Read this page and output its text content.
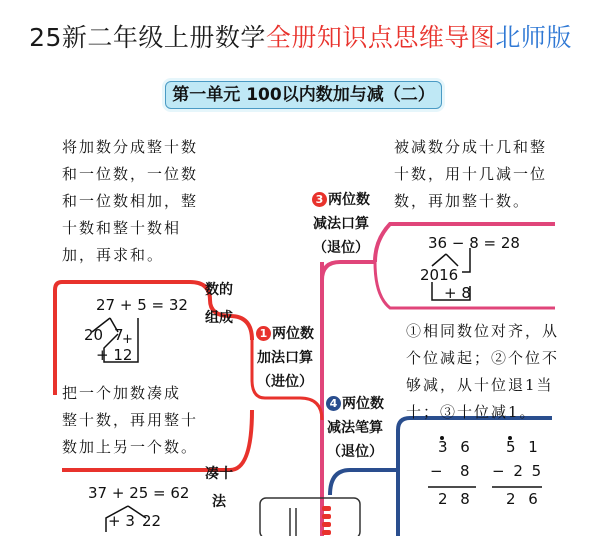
25新二年级上册数学全册知识点思维导图北师版
第一单元 100以内数加与减（二）
将加数分成整十数
和一位数，一位数
和一位数相加，整
十数和整十数相
加，再求和。
27 + 5 = 32
20 7
+
+ 12
数的
组成
1 两位数
加法口算
（进位）
把一个加数凑成
整十数，再用整十
数加上另一个数。
凑十
法
37 + 25 = 62
+ 3 22
被减数分成十几和整
十数，用十几减一位
数，再加整十数。
3 两位数
减法口算
（退位）	36 − 8 = 28
2016
+ 8
①相同数位对齐，从
个位减起；②个位不
够减，从十位退1当
十；③十位减1。
4 两位数
减法笔算
（退位）	3 6
− 8
2 8
5 1
− 2 5
2 6
